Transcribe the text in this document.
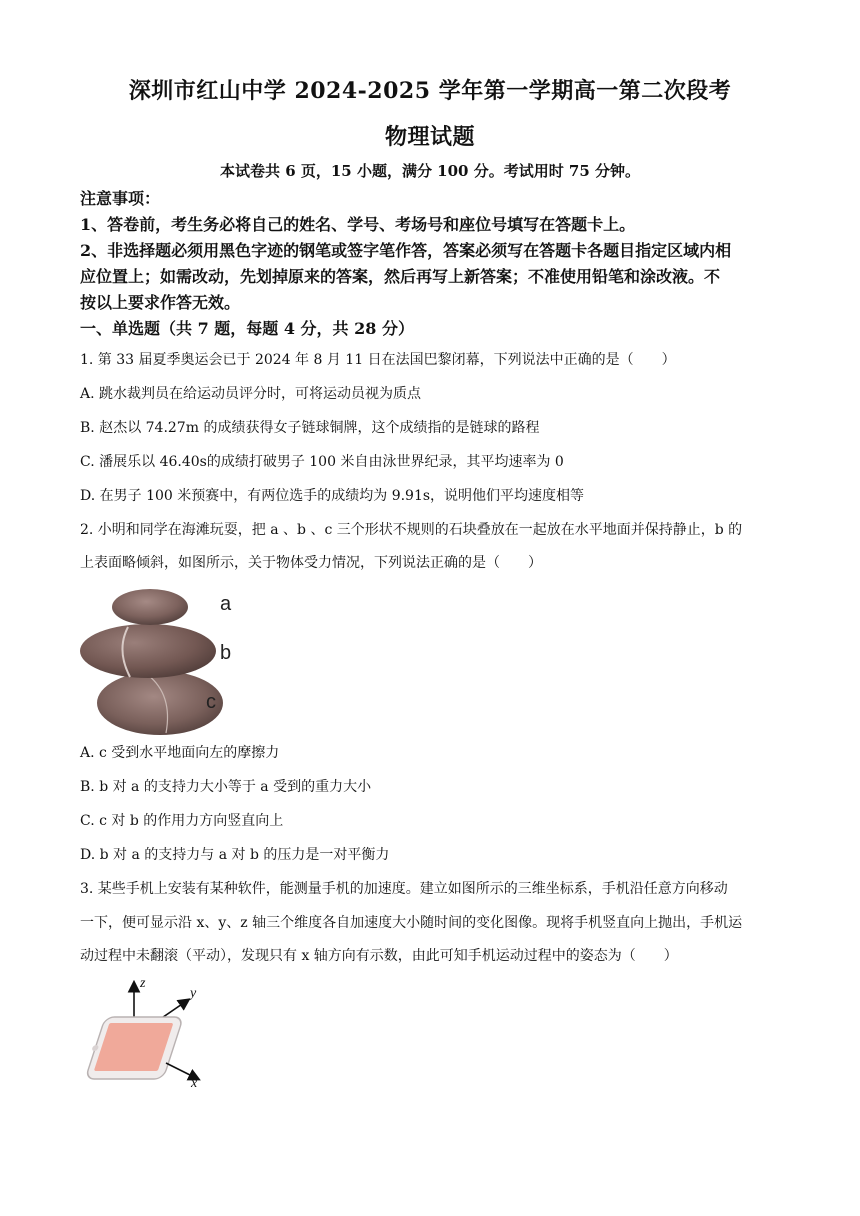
深圳市红山中学 2024-2025 学年第一学期高一第二次段考
物理试题
本试卷共 6 页，15 小题，满分 100 分。考试用时 75 分钟。
注意事项：
1、答卷前，考生务必将自己的姓名、学号、考场号和座位号填写在答题卡上。
2、非选择题必须用黑色字迹的钢笔或签字笔作答，答案必须写在答题卡各题目指定区域内相
应位置上；如需改动，先划掉原来的答案，然后再写上新答案；不准使用铅笔和涂改液。不
按以上要求作答无效。
一、单选题（共 7 题，每题 4 分，共 28 分）
1. 第 33 届夏季奥运会已于 2024 年 8 月 11 日在法国巴黎闭幕，下列说法中正确的是（　　）
A. 跳水裁判员在给运动员评分时，可将运动员视为质点
B. 赵杰以 74.27m 的成绩获得女子链球铜牌，这个成绩指的是链球的路程
C. 潘展乐以 46.40s的成绩打破男子 100 米自由泳世界纪录，其平均速率为 0
D. 在男子 100 米预赛中，有两位选手的成绩均为 9.91s，说明他们平均速度相等
2. 小明和同学在海滩玩耍，把 a 、b 、c 三个形状不规则的石块叠放在一起放在水平地面并保持静止，b 的
上表面略倾斜，如图所示，关于物体受力情况，下列说法正确的是（　　）
a
b
c
A. c 受到水平地面向左的摩擦力
B. b 对 a 的支持力大小等于 a 受到的重力大小
C. c 对 b 的作用力方向竖直向上
D. b 对 a 的支持力与 a 对 b 的压力是一对平衡力
3. 某些手机上安装有某种软件，能测量手机的加速度。建立如图所示的三维坐标系，手机沿任意方向移动
一下，便可显示沿 x、y、z 轴三个维度各自加速度大小随时间的变化图像。现将手机竖直向上抛出，手机运
动过程中未翻滚（平动），发现只有 x 轴方向有示数，由此可知手机运动过程中的姿态为（　　）
z
y
x
